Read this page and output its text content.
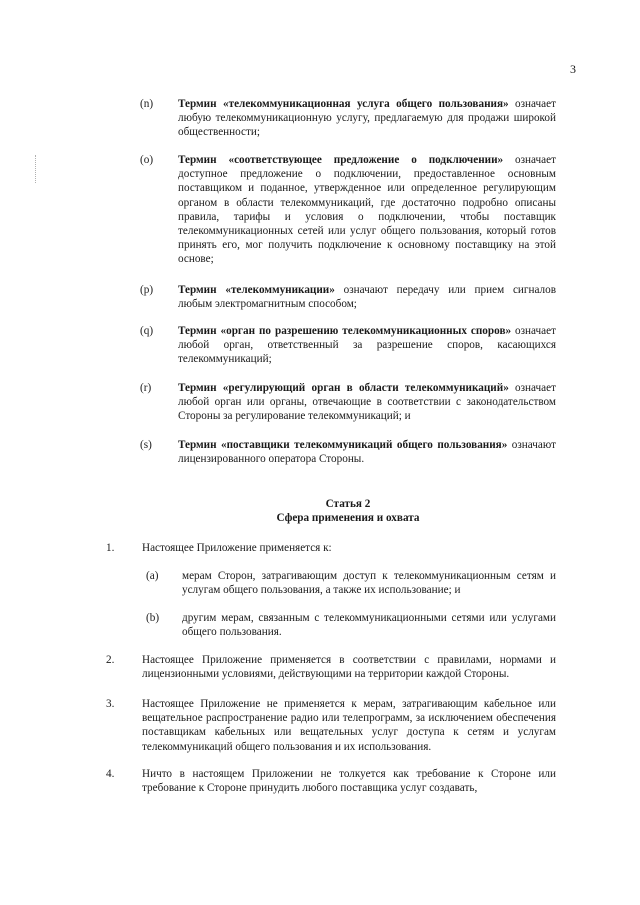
3
(n) Термин «телекоммуникационная услуга общего пользования» означает любую телекоммуникационную услугу, предлагаемую для продажи широкой общественности;
(o) Термин «соответствующее предложение о подключении» означает доступное предложение о подключении, предоставленное основным поставщиком и поданное, утвержденное или определенное регулирующим органом в области телекоммуникаций, где достаточно подробно описаны правила, тарифы и условия о подключении, чтобы поставщик телекоммуникационных сетей или услуг общего пользования, который готов принять его, мог получить подключение к основному поставщику на этой основе;
(p) Термин «телекоммуникации» означают передачу или прием сигналов любым электромагнитным способом;
(q) Термин «орган по разрешению телекоммуникационных споров» означает любой орган, ответственный за разрешение споров, касающихся телекоммуникаций;
(r) Термин «регулирующий орган в области телекоммуникаций» означает любой орган или органы, отвечающие в соответствии с законодательством Стороны за регулирование телекоммуникаций; и
(s) Термин «поставщики телекоммуникаций общего пользования» означают лицензированного оператора Стороны.
Статья 2
Сфера применения и охвата
1. Настоящее Приложение применяется к:
(a) мерам Сторон, затрагивающим доступ к телекоммуникационным сетям и услугам общего пользования, а также их использование; и
(b) другим мерам, связанным с телекоммуникационными сетями или услугами общего пользования.
2. Настоящее Приложение применяется в соответствии с правилами, нормами и лицензионными условиями, действующими на территории каждой Стороны.
3. Настоящее Приложение не применяется к мерам, затрагивающим кабельное или вещательное распространение радио или телепрограмм, за исключением обеспечения поставщикам кабельных или вещательных услуг доступа к сетям и услугам телекоммуникаций общего пользования и их использования.
4. Ничто в настоящем Приложении не толкуется как требование к Стороне или требование к Стороне принудить любого поставщика услуг создавать,
